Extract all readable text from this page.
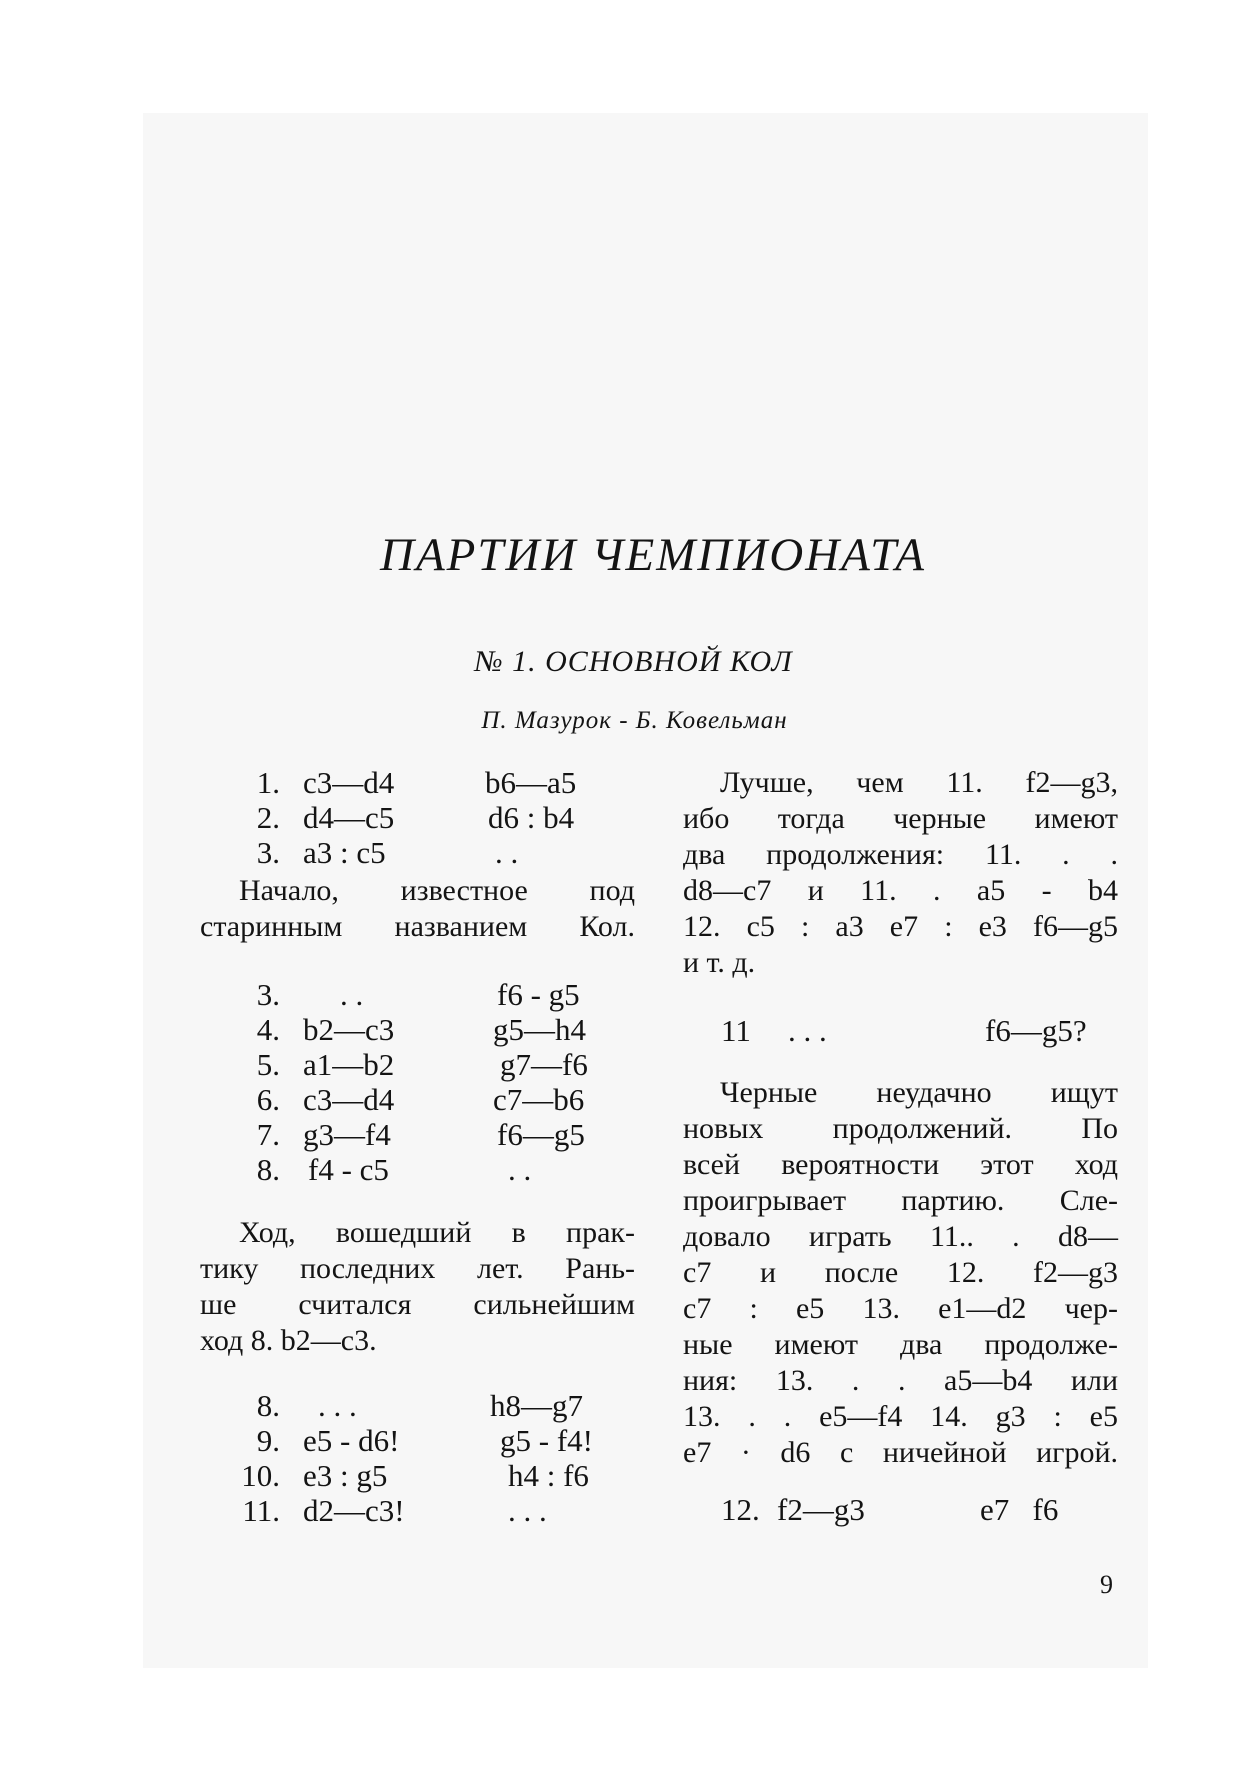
ПАРТИИ ЧЕМПИОНАТА
№ 1. ОСНОВНОЙ КОЛ
П. Мазурок - Б. Ковельман
1. c3—d4	b6—a5
2. d4—c5	d6 : b4
3. a3 : c5	. .
Начало, известное под
старинным названием Кол.
3. . .	f6 - g5
4. b2—c3	g5—h4
5. a1—b2	g7—f6
6. c3—d4	c7—b6
7. g3—f4	f6—g5
8. f4 - c5	. .
Ход, вошедший в прак-
тику последних лет. Рань-
ше считался сильнейшим
ход 8. b2—c3.
8. . . .	h8—g7
9. e5 - d6!	g5 - f4!
10. e3 : g5	h4 : f6
11. d2—c3!	. . .
Лучше, чем 11. f2—g3,
ибо тогда черные имеют
два продолжения: 11. . .
d8—c7 и 11. . a5 - b4
12. c5 : a3 e7 : e3 f6—g5
и т. д.
11 . . .	f6—g5?
Черные неудачно ищут
новых продолжений. По
всей вероятности этот ход
проигрывает партию. Сле-
довало играть 11.. . d8—
c7 и после 12. f2—g3
c7 : e5 13. e1—d2 чер-
ные имеют два продолже-
ния: 13. . . a5—b4 или
13. . . e5—f4 14. g3 : e5
e7 · d6 с ничейной игрой.
12. f2—g3	e7   f6
9
